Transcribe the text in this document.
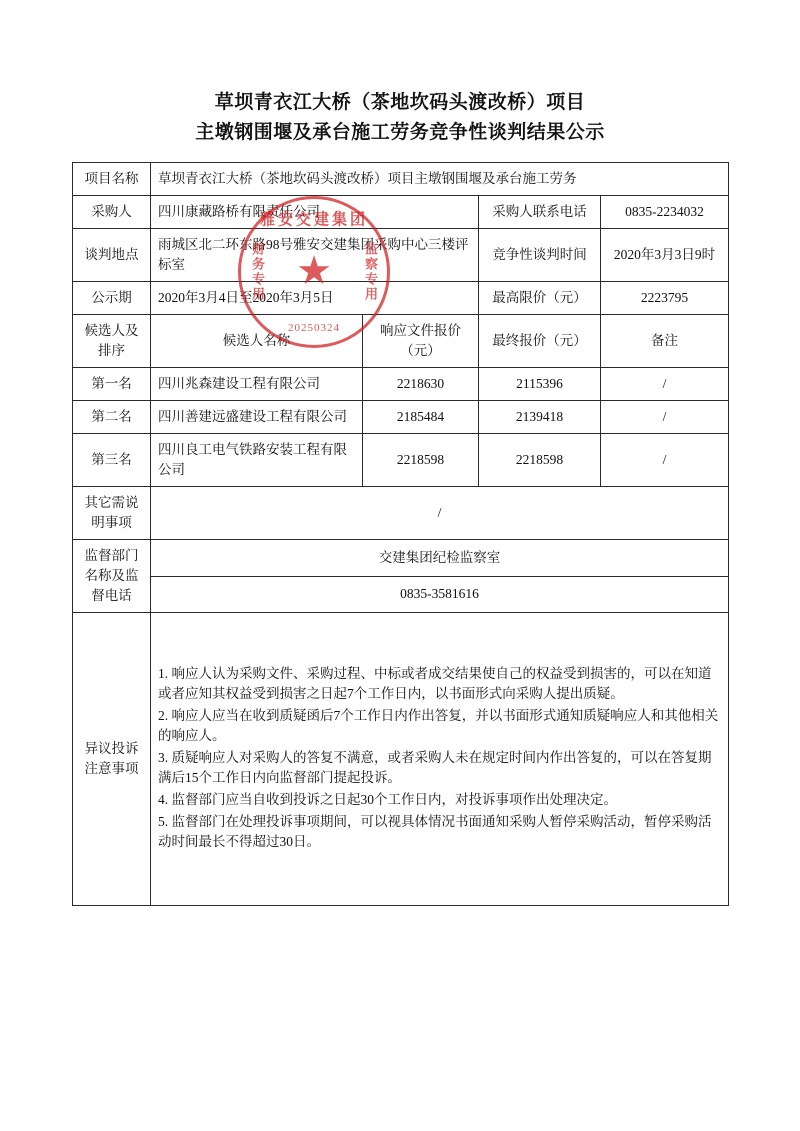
草坝青衣江大桥（茶地坎码头渡改桥）项目
主墩钢围堰及承台施工劳务竞争性谈判结果公示
项目名称	草坝青衣江大桥（茶地坎码头渡改桥）项目主墩钢围堰及承台施工劳务			
采购人	四川康藏路桥有限责任公司		采购人联系电话	0835-2234032
谈判地点	雨城区北二环东路98号雅安交建集团采购中心三楼评标室		竞争性谈判时间	2020年3月3日9时
公示期	2020年3月4日至2020年3月5日		最高限价（元）	2223795
候选人及排序	候选人名称	响应文件报价（元）	最终报价（元）	备注
第一名	四川兆森建设工程有限公司	2218630	2115396	/
第二名	四川善建远盛建设工程有限公司	2185484	2139418	/
第三名	四川良工电气铁路安装工程有限公司	2218598	2218598	/
其它需说明事项	/			
监督部门名称及监督电话	交建集团纪检监察室			
	0835-3581616			
异议投诉注意事项	1. 响应人认为采购文件、采购过程、中标或者成交结果使自己的权益受到损害的，可以在知道或者应知其权益受到损害之日起7个工作日内，以书面形式向采购人提出质疑。

2. 响应人应当在收到质疑函后7个工作日内作出答复，并以书面形式通知质疑响应人和其他相关的响应人。

3. 质疑响应人对采购人的答复不满意，或者采购人未在规定时间内作出答复的，可以在答复期满后15个工作日内向监督部门提起投诉。

4. 监督部门应当自收到投诉之日起30个工作日内，对投诉事项作出处理决定。

5. 监督部门在处理投诉事项期间，可以视具体情况书面通知采购人暂停采购活动，暂停采购活动时间最长不得超过30日。			

雅安交建集团
★
财务专用	监察专用
20250324
